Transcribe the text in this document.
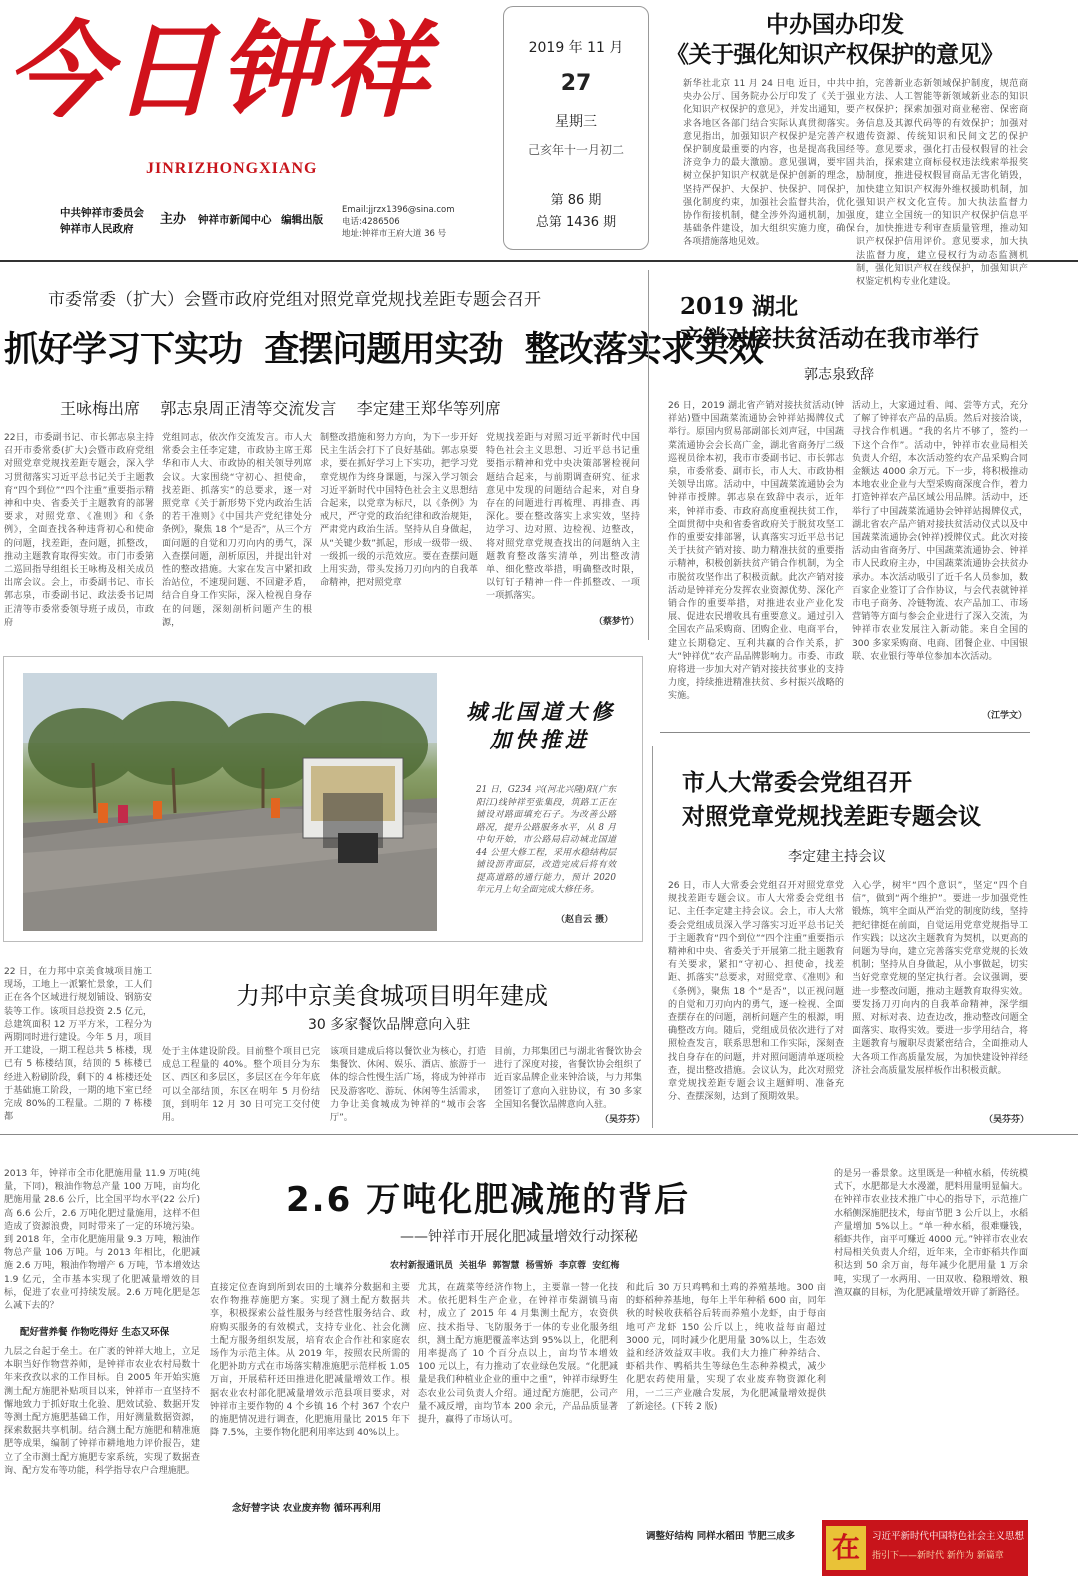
今日钟祥
JINRIZHONGXIANG
中共钟祥市委员会
钟祥市人民政府
主办 钟祥市新闻中心 编辑出版
Email:jjrzx1396@sina.com
电话:4286506
地址:钟祥市王府大道 36 号
2019 年 11 月
27
星期三
己亥年十一月初二
第 86 期
总第 1436 期
中办国办印发
《关于强化知识产权保护的意见》
新华社北京 11 月 24 日电 近日，中共中央办公厅、国务院办公厅印发了《关于强化知识产权保护的意见》，并发出通知，要求各地区各部门结合实际认真贯彻落实。意见指出，加强知识产权保护是完善产权保护制度最重要的内容，也是提高我国经济竞争力的最大激励。意见强调，要牢固树立保护知识产权就是保护创新的理念，坚持严保护、大保护、快保护、同保护，强化制度约束，加强社会监督共治，优化协作衔接机制，健全涉外沟通机制，加强基础条件建设，加大组织实施力度，确保各项措施落地见效。
拍，完善新业态新领域保护制度，规范商业方法、人工智能等新领域新业态的知识产权保护；探索加强对商业秘密、保密商务信息及其源代码等的有效保护；加强对遗传资源、传统知识和民间文艺的保护等。意见要求，强化打击侵权假冒的社会共治，探索建立商标侵权违法线索举报奖励制度，推进侵权假冒商品无害化销毁，加快建立知识产权海外维权援助机制，加强知识产权文化宣传。加大执法监督力度，建立全国统一的知识产权保护信息平台，加快推进专利审查质量管理，推动知识产权保护信用评价。意见要求，加大执法监督力度，建立侵权行为动态监测机制，强化知识产权在线保护，加强知识产权鉴定机构专业化建设。
市委常委（扩大）会暨市政府党组对照党章党规找差距专题会召开
抓好学习下实功  查摆问题用实劲  整改落实求实效
王咏梅出席    郭志泉周正清等交流发言    李定建王郑华等列席
22日，市委副书记、市长郭志泉主持召开市委常委(扩大)会暨市政府党组对照党章党规找差距专题会，深入学习贯彻落实习近平总书记关于主题教育“四个到位”“四个注重”重要指示精神和中央、省委关于主题教育的部署要求，对照党章、《准则》和《条例》，全面查找各种违背初心和使命的问题，找差距，查问题，抓整改，推动主题教育取得实效。市门市委第二巡回指导组组长王咏梅及相关成员出席会议。会上，市委副书记、市长郭志泉，市委副书记、政法委书记周正清等市委常委领导班子成员，市政府
党组同志，依次作交流发言。市人大常委会主任李定建，市政协主席王郑华和市人大、市政协的相关领导列席会议。大家围绕“守初心、担使命，找差距、抓落实”的总要求，逐一对照党章《关于新形势下党内政治生活的若干准则》《中国共产党纪律处分条例》，聚焦 18 个“是否”，从三个方面问题的自觉和刀刃向内的勇气，深入查摆问题，剖析原因，并提出针对性的整改措施。大家在发言中紧扣政治站位，不速现问题、不回避矛盾，结合自身工作实际，深入检视自身存在的问题，深刻剖析问题产生的根源，
制整改措施和努力方向，为下一步开好民主生活会打下了良好基础。郭志泉要求，要在抓好学习上下实功，把学习党章党规作为终身课题，与深入学习领会习近平新时代中国特色社会主义思想结合起来，以党章为标尺，以《条例》为戒尺，严守党的政治纪律和政治规矩，严肃党内政治生活。坚持从自身做起，从“关键少数”抓起，形成一级带一级、一级抓一级的示范效应。要在查摆问题上用实劲，带头发扬刀刃向内的自我革命精神，把对照党章
党规找差距与对照习近平新时代中国特色社会主义思想、习近平总书记重要指示精神和党中央决策部署检视问题结合起来，与前期调查研究、征求意见中发现的问题结合起来，对自身存在的问题进行再梳理、再排查、再深化。要在整改落实上求实效，坚持边学习、边对照、边检视、边整改，将对照党章党规查找出的问题纳入主题教育整改落实清单，列出整改清单、细化整改举措，明确整改时限，以钉钉子精神一件一件抓整改、一项一项抓落实。
（蔡梦竹）
2019 湖北
产销对接扶贫活动在我市举行
郭志泉致辞
26 日，2019 湖北省产销对接扶贫活动(钟祥站)暨中国蔬菜流通协会钟祥站揭牌仪式举行。原国内贸易部副部长刘声冠，中国蔬菜流通协会会长高广金，湖北省商务厅二级巡视员徐本初，我市市委副书记、市长郭志泉，市委常委、副市长，市人大、市政协相关领导出席。活动中，中国蔬菜流通协会为钟祥市授牌。郭志泉在致辞中表示，近年来，钟祥市委、市政府高度重视扶贫工作，全面贯彻中央和省委省政府关于脱贫攻坚工作的重要安排部署，认真落实习近平总书记关于扶贫产销对接、助力精准扶贫的重要指示精神，积极创新扶贫产销合作机制，为全市脱贫攻坚作出了积极贡献。此次产销对接活动是钟祥充分发挥农业资源优势、深化产销合作的重要举措，对推进农业产业化发展、促进农民增收具有重要意义。通过引入全国农产品采购商、团购企业、电商平台，建立长期稳定、互利共赢的合作关系，扩大“钟祥优”农产品品牌影响力。市委、市政府将进一步加大对产销对接扶贫事业的支持力度，持续推进精准扶贫、乡村振兴战略的实施。
活动上，大家通过看、闻、尝等方式，充分了解了钟祥农产品的品质。然后对接洽谈，寻找合作机遇。“我的名片不够了，签约一下这个合作”。活动中，钟祥市农业局相关负责人介绍，本次活动签约农产品采购合同金额达 4000 余万元。下一步，将积极推动本地农业企业与大型采购商深度合作，着力打造钟祥农产品区域公用品牌。活动中，还举行了中国蔬菜流通协会钟祥站揭牌仪式，湖北省农产品产销对接扶贫活动仪式以及中国蔬菜流通协会(钟祥)授牌仪式。此次对接活动由省商务厅、中国蔬菜流通协会、钟祥市人民政府主办，中国蔬菜流通协会扶贫办承办。本次活动吸引了近千名人员参加，数百家企业签订了合作协议，与会代表就钟祥市电子商务、冷链物流、农产品加工、市场营销等方面与参会企业进行了深入交流，为钟祥市农业发展注入新动能。来自全国的 300 多家采购商、电商、团餐企业、中国银联、农业银行等单位参加本次活动。
（江学文）
城北国道大修
加快推进
21 日，G234 兴(河北兴隆)阳(广东阳江)线钟祥至张集段，筑路工正在铺设对路面填充石子。为改善公路路况，提升公路服务水平，从 8 月中旬开始，市公路局启动城北国道 44 公里大修工程，采用水稳结构层铺设沥青面层，改造完成后将有效提高道路的通行能力，预计 2020 年元月上旬全面完成大修任务。
（赵自云 摄）
22 日，在力邦中京美食城项目施工现场，工地上一派繁忙景象，工人们正在各个区域进行规划铺设、钢筋安装等工作。该项目总投资 2.5 亿元，总建筑面积 12 万平方米，工程分为两期同时进行建设。今年 5 月，项目开工建设，一期工程总共 5 栋楼，现已有 5 栋楼结顶，结顶的 5 栋楼已经进入粉刷阶段，剩下的 4 栋楼还处于基础施工阶段，一期的地下室已经完成 80%的工程量。二期的 7 栋楼都
力邦中京美食城项目明年建成
30 多家餐饮品牌意向入驻
处于主体建设阶段。目前整个项目已完成总工程量的 40%。整个项目分为东区、西区和多层区，多层区在今年年底可以全部结顶，东区在明年 5 月份结顶，到明年 12 月 30 日可完工交付使用。
该项目建成后将以餐饮业为核心，打造集餐饮、休闲、娱乐、酒店、旅游于一体的综合性慢生活广场，将成为钟祥市民及游客吃、游玩、休闲等生活需求，力争让美食城成为钟祥的“城市会客厅”。
目前，力邦集团已与湖北省餐饮协会进行了深度对接，省餐饮协会组织了近百家品牌企业来钟洽谈，与力邦集团签订了意向入驻协议，有 30 多家全国知名餐饮品牌意向入驻。
（吴芬芬）
市人大常委会党组召开
对照党章党规找差距专题会议
李定建主持会议
26 日，市人大常委会党组召开对照党章党规找差距专题会议。市人大常委会党组书记、主任李定建主持会议。会上，市人大常委会党组成员深入学习落实习近平总书记关于主题教育“四个到位”“四个注重”重要指示精神和中央、省委关于开展第二批主题教育有关要求，紧扣“守初心、担使命，找差距、抓落实”总要求，对照党章、《准则》和《条例》，聚焦 18 个“是否”，以正视问题的自觉和刀刃向内的勇气，逐一检视、全面查摆存在的问题，剖析问题产生的根源，明确整改方向。随后，党组成员依次进行了对照检查发言，联系思想和工作实际，深刻查找自身存在的问题，并对照问题清单逐项检查，提出整改措施。会议认为，此次对照党章党规找差距专题会议主题鲜明、准备充分、查摆深刻，达到了预期效果。
入心学，树牢“四个意识”，坚定“四个自信”，做到“两个维护”。要进一步加强党性锻炼，筑牢全面从严治党的制度防线，坚持把纪律挺在前面，自觉运用党章党规指导工作实践；以这次主题教育为契机，以更高的问题为导向，建立完善落实党章党规的长效机制；坚持从自身做起，从小事做起，切实当好党章党规的坚定执行者。会议强调，要进一步整改问题，推动主题教育取得实效。要发扬刀刃向内的自我革命精神，深学细照、对标对表、边查边改，推动整改问题全面落实、取得实效。要进一步学用结合，将主题教育与履职尽责紧密结合，全面推动人大各项工作高质量发展，为加快建设钟祥经济社会高质量发展样板作出积极贡献。
（吴芬芬）
2013 年，钟祥市全市化肥施用量 11.9 万吨(纯量，下同)，粮油作物总产量 100 万吨，亩均化肥施用量 28.6 公斤，比全国平均水平(22 公斤)高 6.6 公斤，2.6 万吨化肥过量施用，这样不但造成了资源浪费，同时带来了一定的环境污染。到 2018 年，全市化肥施用量 9.3 万吨，粮油作物总产量 106 万吨。与 2013 年相比，化肥减施 2.6 万吨，粮油作物增产 6 万吨，节本增效达 1.9 亿元，全市基本实现了化肥减量增效的目标，促进了农业可持续发展。2.6 万吨化肥是怎么减下去的？
配好营养餐 作物吃得好 生态又环保
九层之台起于垒土。在广袤的钟祥大地上，立足本职当好作物营养师，是钟祥市农业农村局数十年来孜孜以求的工作目标。自 2005 年开始实施测土配方施肥补贴项目以来，钟祥市一直坚持不懈地致力于抓好取土化验、肥效试验、数据开发等测土配方施肥基础工作，用好测量数据资源，探索数据共享机制。结合测土配方施肥和精准施肥等成果，编制了钟祥市耕地地力评价报告，建立了全市测土配方施肥专家系统，实现了数据查询、配方发布等功能，科学指导农户合理施肥。
2.6 万吨化肥减施的背后
——钟祥市开展化肥减量增效行动探秘
农村新报通讯员  关祖华  郭智慧  杨雪娇  李京蓉  安红梅
直接定位查询到所到农田的土壤养分数据和主要农作物推荐施肥方案。实现了测土配方数据共享，积极探索公益性服务与经营性服务结合、政府购买服务的有效模式，支持专业化、社会化测土配方服务组织发展，培育农企合作社和家庭农场作为示范主体。从 2019 年，按照农民所需的化肥补助方式在市场落实精准施肥示范样板 1.05 万亩，开展秸秆还田推进化肥减量增效工作。根据农业农村部化肥减量增效示范县项目要求，对钟祥市主要作物的 4 个乡镇 16 个村 367 个农户的施肥情况进行调查，化肥施用量比 2015 年下降 7.5%，主要作物化肥利用率达到 40%以上。
念好替字诀 农业废弃物 循环再利用
尤其，在蔬菜等经济作物上，主要靠一替一化技术。依托肥料生产企业，在钟祥市柴湖镇马南村，成立了 2015 年 4 月集测土配方，农资供应、技术指导、飞防服务于一体的专业化服务组织，测土配方施肥覆盖率达到 95%以上，化肥利用率提高了 10 个百分点以上，亩均节本增效 100 元以上，有力推动了农业绿色发展。“化肥减量是我们种植业企业的重中之重”，钟祥市绿野生态农业公司负责人介绍。通过配方施肥，公司产量不减反增，亩均节本 200 余元，产品品质显著提升，赢得了市场认可。
和此后 30 万只鸡鸭和土鸡的养殖基地。300 亩的虾稻种养基地，每年上半年种稻 600 亩，同年秋的时候收获稻谷后转而养殖小龙虾，由于每亩地可产龙虾 150 公斤以上，纯收益每亩超过 3000 元，同时减少化肥用量 30%以上，生态效益和经济效益双丰收。我们大力推广种养结合、虾稻共作、鸭稻共生等绿色生态种养模式，减少化肥农药使用量，实现了农业废弃物资源化利用，一二三产业融合发展，为化肥减量增效提供了新途径。(下转 2 版)
调整好结构 同样水稻田 节肥三成多
的是另一番景象。这里既是一种植水稻，传统模式下，水肥都是大水漫灌，肥料用量明显偏大。在钟祥市农业技术推广中心的指导下，示范推广水稻侧深施肥技术，每亩节肥 3 公斤以上，水稻产量增加 5%以上。“单一种水稻，很难赚钱，稻虾共作，亩平可赚近 4000 元。”钟祥市农业农村局相关负责人介绍，近年来，全市虾稻共作面积达到 50 余万亩，每年减少化肥用量 1 万余吨，实现了一水两用、一田双收、稳粮增效、粮渔双赢的目标，为化肥减量增效开辟了新路径。
在	习近平新时代中国特色社会主义思想
指引下——新时代 新作为 新篇章
